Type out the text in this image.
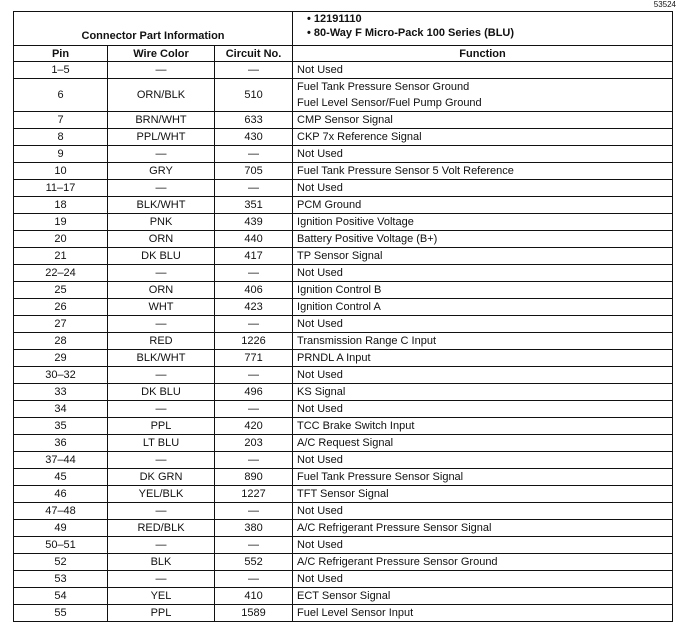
53524
Connector Part Information			• 12191110
• 80-Way F Micro-Pack 100 Series (BLU)

Pin	Wire Color	Circuit No.	Function
1–5	—	—	Not Used

6	ORN/BLK	510	Fuel Tank Pressure Sensor Ground
Fuel Level Sensor/Fuel Pump Ground

7	BRN/WHT	633	CMP Sensor Signal

8	PPL/WHT	430	CKP 7x Reference Signal

9	—	—	Not Used

10	GRY	705	Fuel Tank Pressure Sensor 5 Volt Reference

11–17	—	—	Not Used

18	BLK/WHT	351	PCM Ground

19	PNK	439	Ignition Positive Voltage

20	ORN	440	Battery Positive Voltage (B+)

21	DK BLU	417	TP Sensor Signal

22–24	—	—	Not Used

25	ORN	406	Ignition Control B

26	WHT	423	Ignition Control A

27	—	—	Not Used

28	RED	1226	Transmission Range C Input

29	BLK/WHT	771	PRNDL A Input

30–32	—	—	Not Used

33	DK BLU	496	KS Signal

34	—	—	Not Used

35	PPL	420	TCC Brake Switch Input

36	LT BLU	203	A/C Request Signal

37–44	—	—	Not Used

45	DK GRN	890	Fuel Tank Pressure Sensor Signal

46	YEL/BLK	1227	TFT Sensor Signal

47–48	—	—	Not Used

49	RED/BLK	380	A/C Refrigerant Pressure Sensor Signal

50–51	—	—	Not Used

52	BLK	552	A/C Refrigerant Pressure Sensor Ground

53	—	—	Not Used

54	YEL	410	ECT Sensor Signal

55	PPL	1589	Fuel Level Sensor Input
